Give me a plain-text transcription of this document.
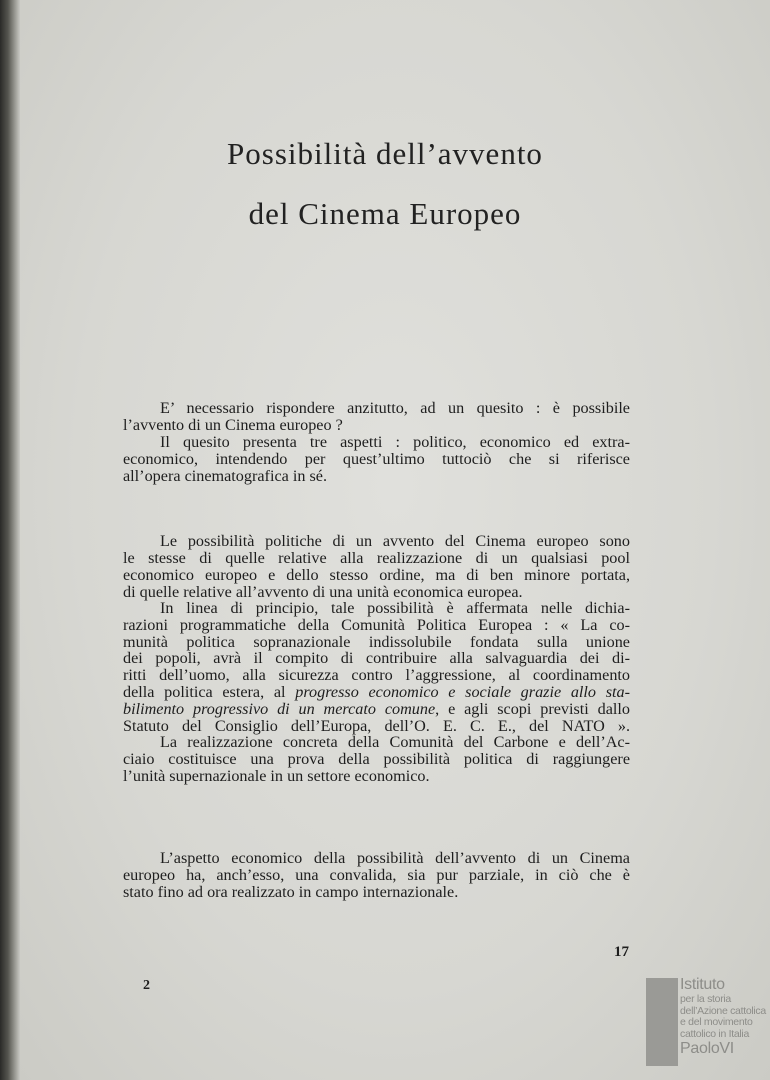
Possibilità dell’avvento
del Cinema Europeo
E’ necessario rispondere anzitutto, ad un quesito : è possibile
l’avvento di un Cinema europeo ?
Il quesito presenta tre aspetti : politico, economico ed extra-
economico, intendendo per quest’ultimo tuttociò che si riferisce
all’opera cinematografica in sé.
Le possibilità politiche di un avvento del Cinema europeo sono
le stesse di quelle relative alla realizzazione di un qualsiasi pool
economico europeo e dello stesso ordine, ma di ben minore portata,
di quelle relative all’avvento di una unità economica europea.
In linea di principio, tale possibilità è affermata nelle dichia-
razioni programmatiche della Comunità Politica Europea : « La co-
munità politica sopranazionale indissolubile fondata sulla unione
dei popoli, avrà il compito di contribuire alla salvaguardia dei di-
ritti dell’uomo, alla sicurezza contro l’aggressione, al coordinamento
della politica estera, al progresso economico e sociale grazie allo sta-
bilimento progressivo di un mercato comune, e agli scopi previsti dallo
Statuto del Consiglio dell’Europa, dell’O. E. C. E., del NATO ».
La realizzazione concreta della Comunità del Carbone e dell’Ac-
ciaio costituisce una prova della possibilità politica di raggiungere
l’unità supernazionale in un settore economico.
L’aspetto economico della possibilità dell’avvento di un Cinema
europeo ha, anch’esso, una convalida, sia pur parziale, in ciò che è
stato fino ad ora realizzato in campo internazionale.
17
2	Istituto
per la storia
dell’Azione cattolica
e del movimento
cattolico in Italia
PaoloVI
